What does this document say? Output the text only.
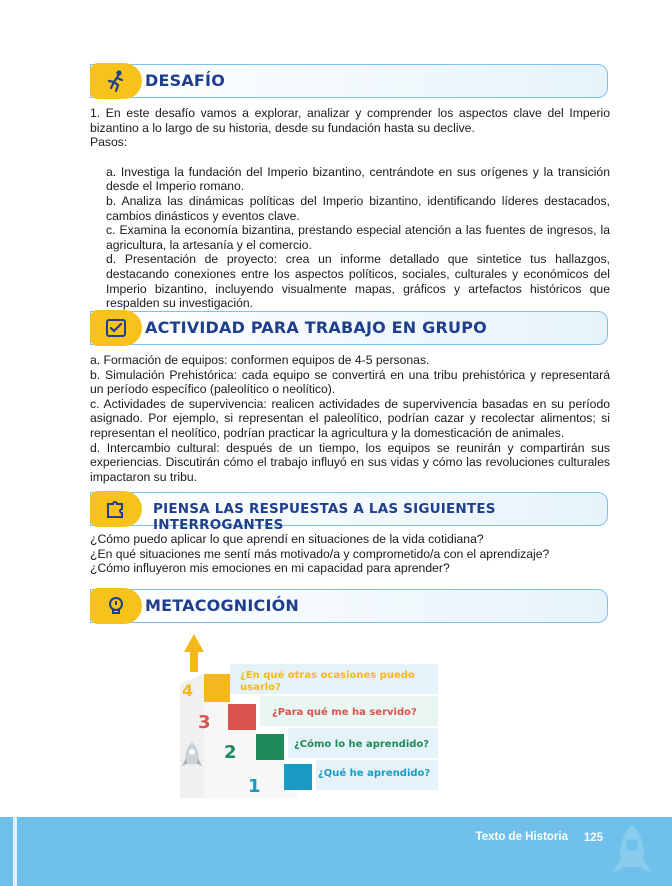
DESAFÍO

1. En este desafío vamos a explorar, analizar y comprender los aspectos clave del Imperio bizantino a lo largo de su historia, desde su fundación hasta su declive.

Pasos:

a. Investiga la fundación del Imperio bizantino, centrándote en sus orígenes y la transición desde el Imperio romano.

b. Analiza las dinámicas políticas del Imperio bizantino, identificando líderes destacados, cambios dinásticos y eventos clave.

c. Examina la economía bizantina, prestando especial atención a las fuentes de ingresos, la agricultura, la artesanía y el comercio.

d. Presentación de proyecto: crea un informe detallado que sintetice tus hallazgos, destacando conexiones entre los aspectos políticos, sociales, culturales y económicos del Imperio bizantino, incluyendo visualmente mapas, gráficos y artefactos históricos que respalden su investigación.

ACTIVIDAD PARA TRABAJO EN GRUPO

a. Formación de equipos: conformen equipos de 4-5 personas.

b. Simulación Prehistórica: cada equipo se convertirá en una tribu prehistórica y representará un período específico (paleolítico o neolítico).

c. Actividades de supervivencia: realicen actividades de supervivencia basadas en su período asignado. Por ejemplo, si representan el paleolítico, podrían cazar y recolectar alimentos; si representan el neolítico, podrían practicar la agricultura y la domesticación de animales.

d. Intercambio cultural: después de un tiempo, los equipos se reunirán y compartirán sus experiencias. Discutirán cómo el trabajo influyó en sus vidas y cómo las revoluciones culturales impactaron su tribu.

PIENSA LAS RESPUESTAS A LAS SIGUIENTES INTERROGANTES

¿Cómo puedo aplicar lo que aprendí en situaciones de la vida cotidiana?

¿En qué situaciones me sentí más motivado/a y comprometido/a con el aprendizaje?

¿Cómo influyeron mis emociones en mi capacidad para aprender?

METACOGNICIÓN
4
3
2
1
¿En qué otras ocasiones puedo usarlo?
¿Para qué me ha servido?
¿Cómo lo he aprendido?
¿Qué he aprendido?
Texto de Historia 125
